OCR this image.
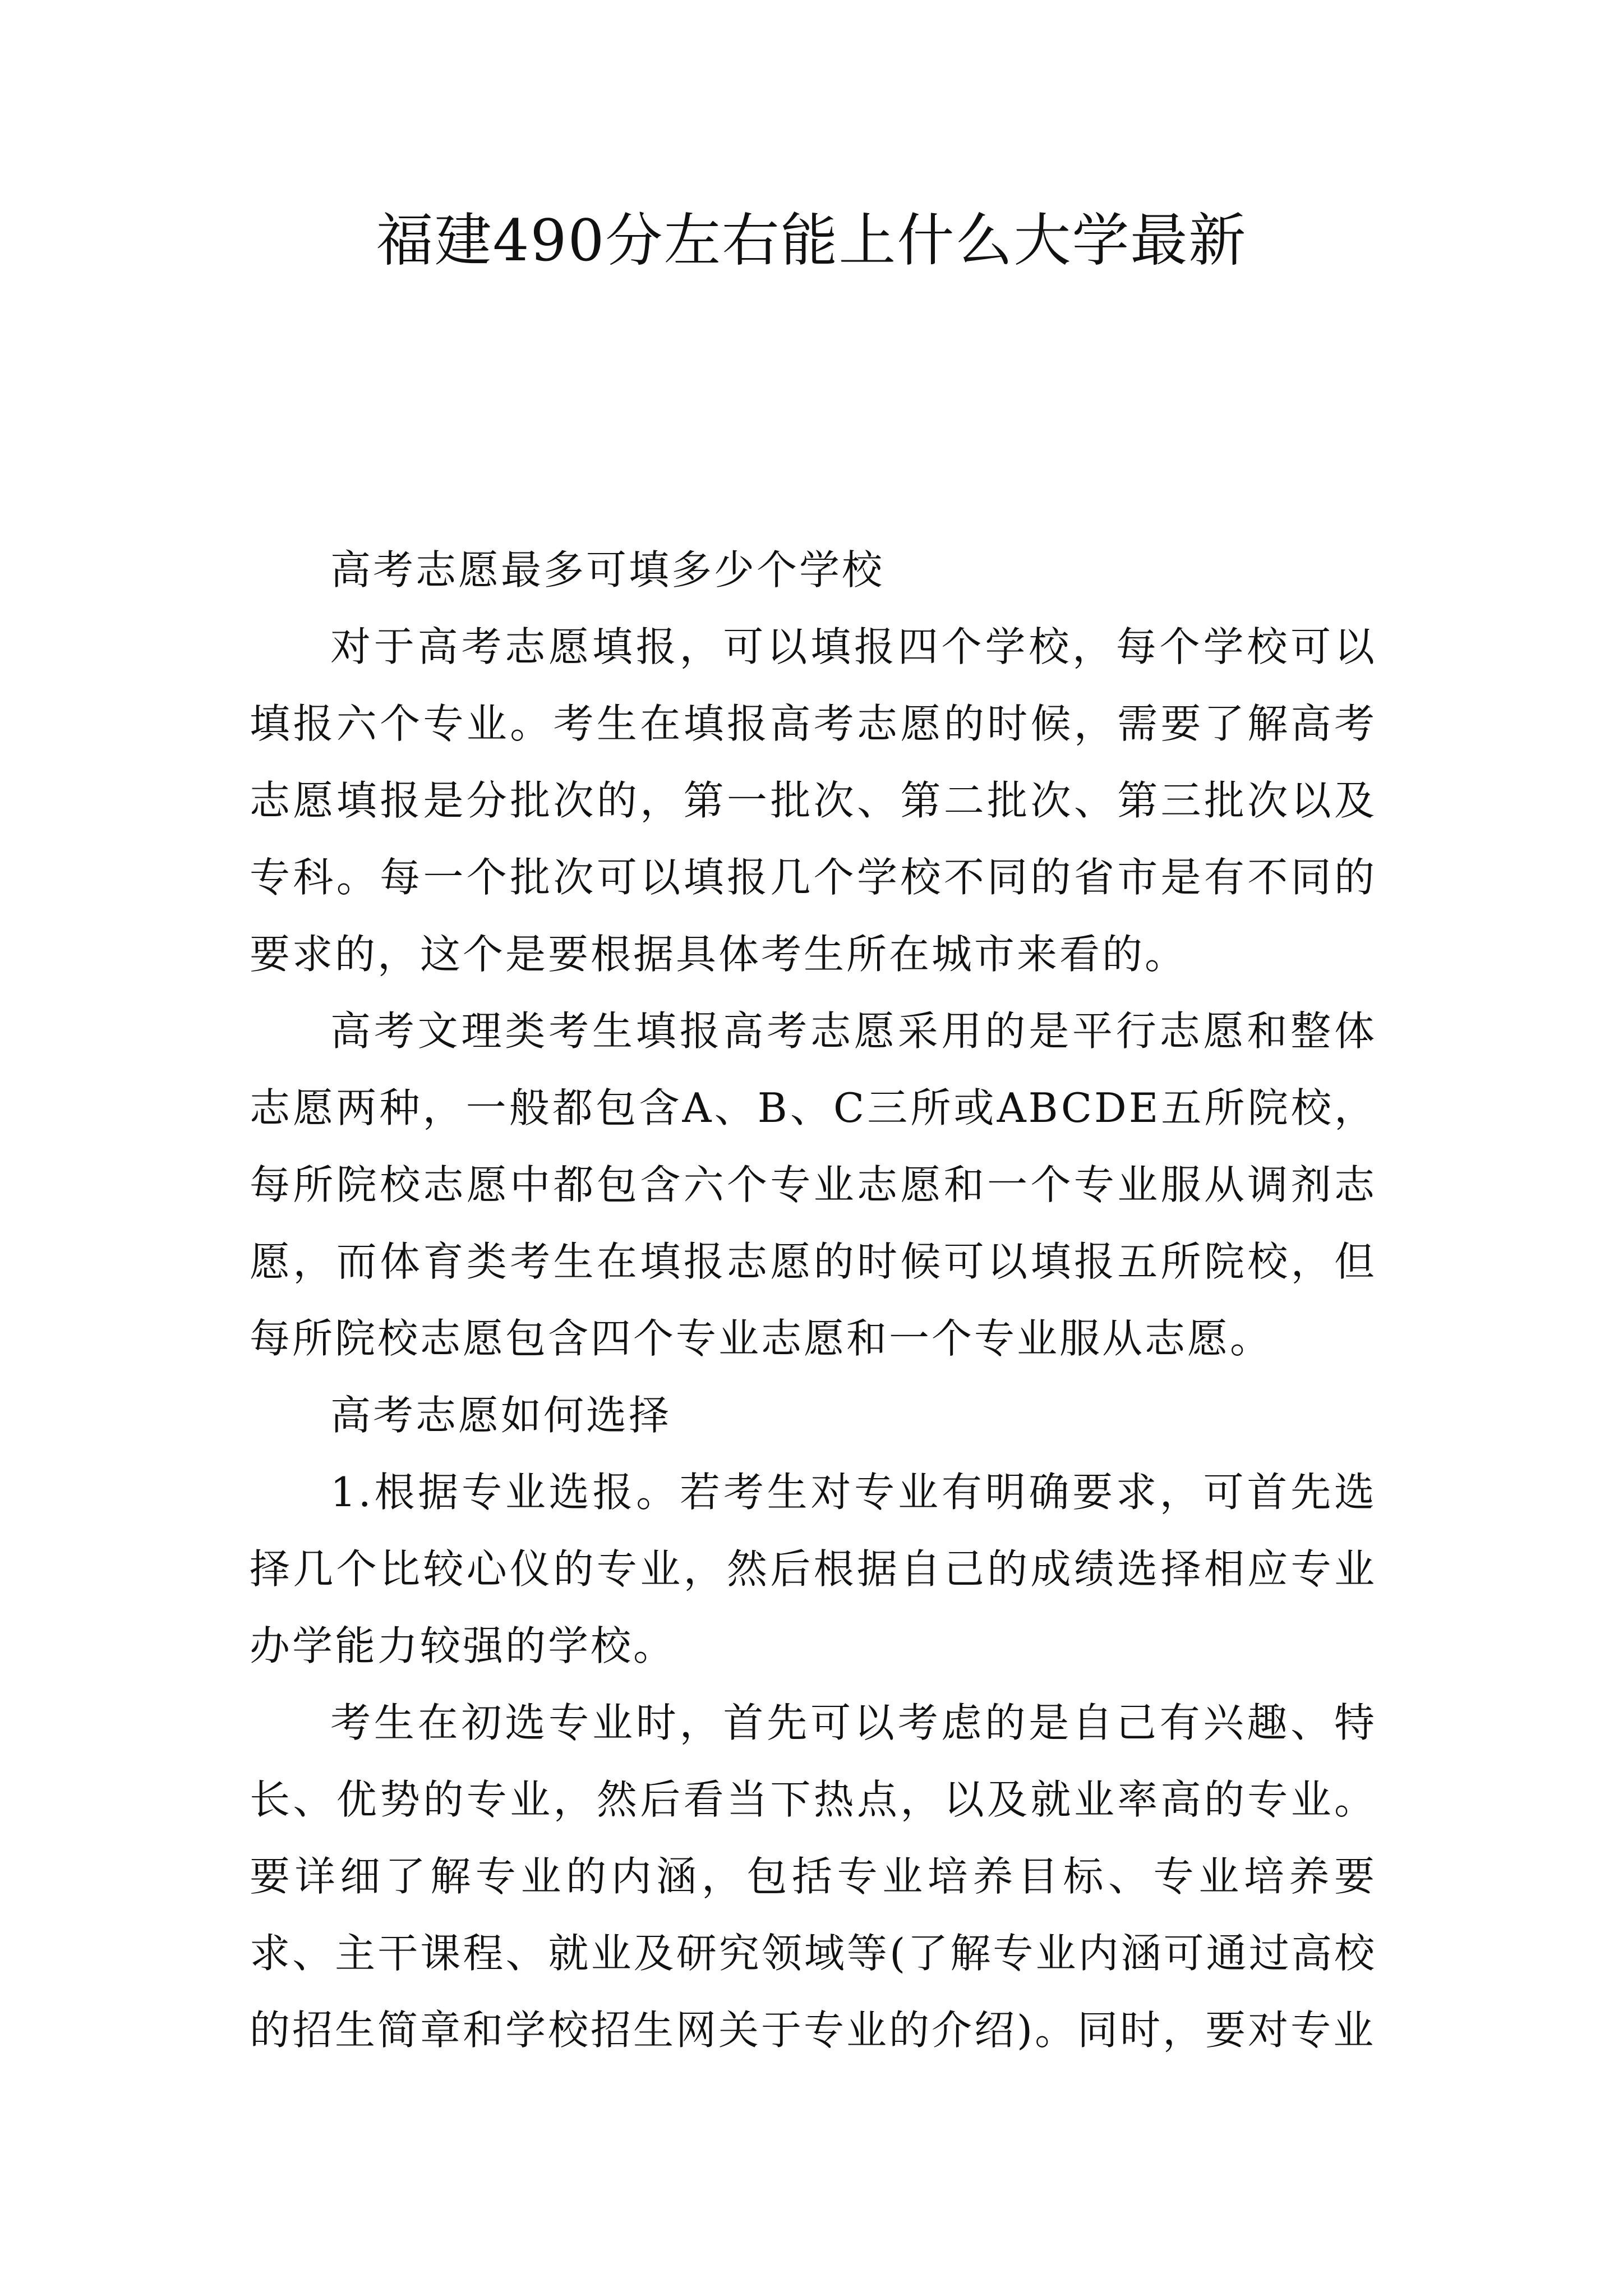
福建490分左右能上什么大学最新

高考志愿最多可填多少个学校

对于高考志愿填报，可以填报四个学校，每个学校可以填报六个专业。考生在填报高考志愿的时候，需要了解高考志愿填报是分批次的，第一批次、第二批次、第三批次以及专科。每一个批次可以填报几个学校不同的省市是有不同的要求的，这个是要根据具体考生所在城市来看的。

高考文理类考生填报高考志愿采用的是平行志愿和整体志愿两种，一般都包含A、B、C三所或ABCDE五所院校，每所院校志愿中都包含六个专业志愿和一个专业服从调剂志愿，而体育类考生在填报志愿的时候可以填报五所院校，但每所院校志愿包含四个专业志愿和一个专业服从志愿。

高考志愿如何选择

1.根据专业选报。若考生对专业有明确要求，可首先选择几个比较心仪的专业，然后根据自己的成绩选择相应专业办学能力较强的学校。

考生在初选专业时，首先可以考虑的是自己有兴趣、特长、优势的专业，然后看当下热点，以及就业率高的专业。要详细了解专业的内涵，包括专业培养目标、专业培养要求、主干课程、就业及研究领域等(了解专业内涵可通过高校的招生简章和学校招生网关于专业的介绍)。同时，要对专业
